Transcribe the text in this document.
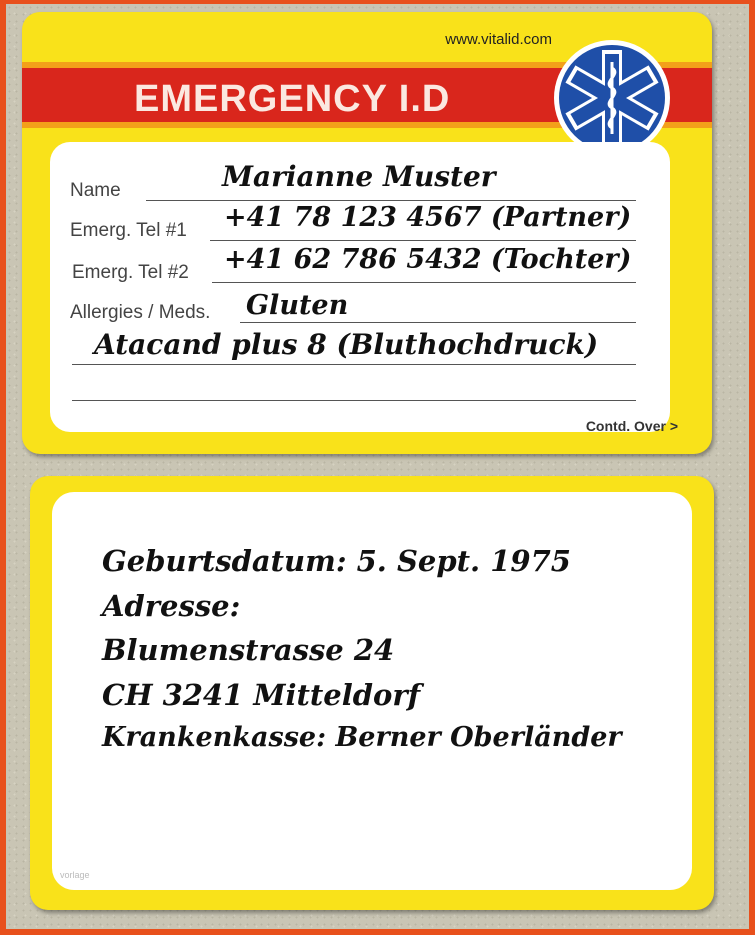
www.vitalid.com
EMERGENCY I.D
Name	Marianne Muster
Emerg. Tel #1 +41 78 123 4567 (Partner)
Emerg. Tel #2 +41 62 786 5432 (Tochter)
Allergies / Meds. Gluten
Atacand plus 8 (Bluthochdruck)
Contd. Over >
Geburtsdatum: 5. Sept. 1975
Adresse:
Blumenstrasse 24
CH 3241 Mitteldorf
Krankenkasse: Berner Oberländer
vorlage
